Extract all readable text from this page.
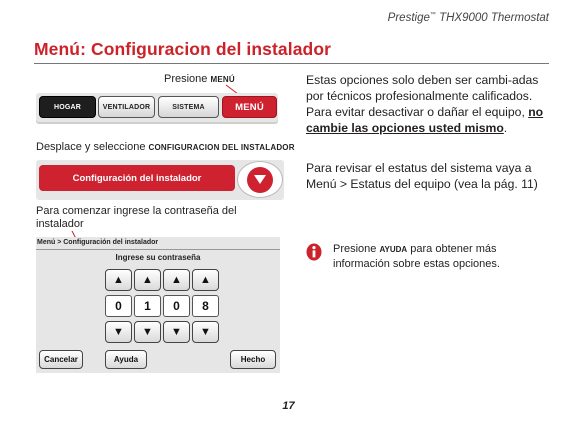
Prestige™ THX9000 Thermostat
Menú: Configuracion del instalador
Presione MENÚ
HOGAR	VENTILADOR	SISTEMA	MENÚ
Desplace y seleccione CONFIGURACION DEL INSTALADOR
Configuración del instalador
Para comenzar ingrese la contraseña del instalador
Menú > Configuración del instalador
Ingrese su contraseña
▲	▲	▲	▲
0	1	0	8
▼	▼	▼	▼
Cancelar	Ayuda	Hecho
Estas opciones solo deben ser cambi-adas por técnicos profesionalmente calificados. Para evitar desactivar o dañar el equipo, no cambie las opciones usted mismo.
Para revisar el estatus del sistema vaya a Menú > Estatus del equipo (vea la pág. 11)
Presione AYUDA para obtener más información sobre estas opciones.
17
